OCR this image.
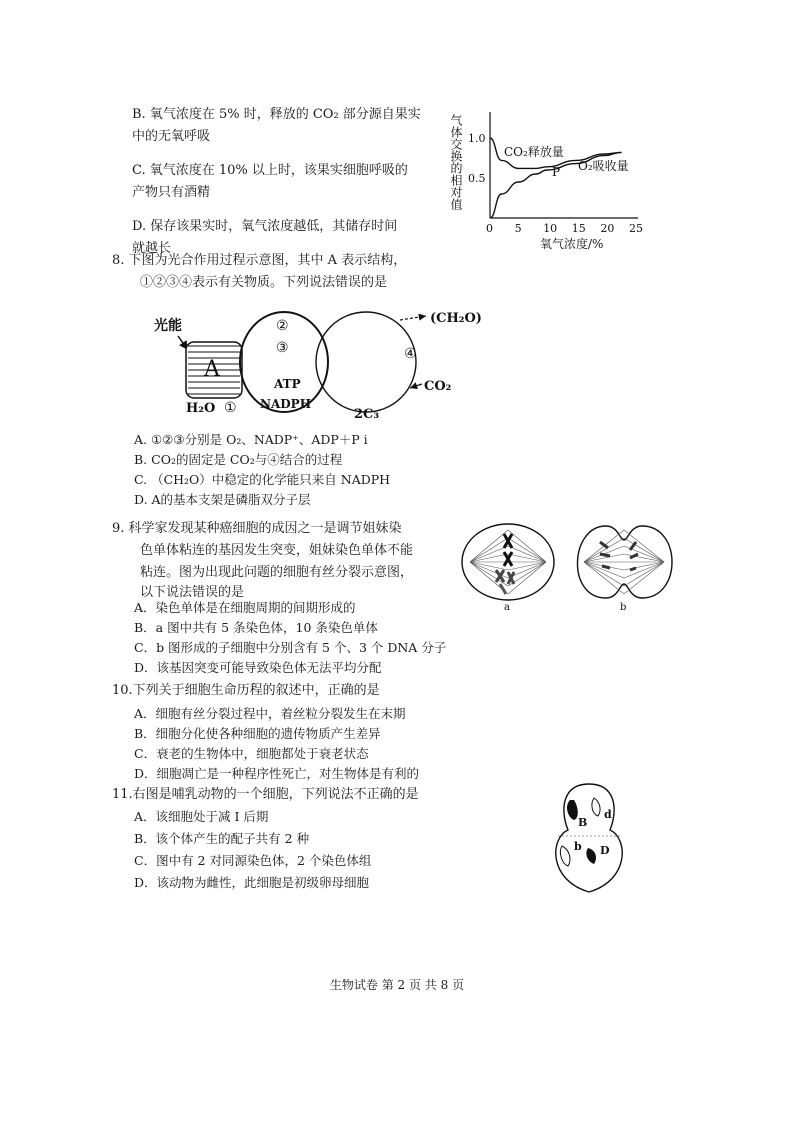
B. 氧气浓度在 5% 时，释放的 CO₂ 部分源自果实
中的无氧呼吸
C. 氧气浓度在 10% 以上时，该果实细胞呼吸的
产物只有酒精
D. 保存该果实时，氧气浓度越低，其储存时间
就越长
气体交换的相对值 1.0
0.5
0 5 10 15 20 25
CO₂释放量
O₂吸收量
P
氧气浓度/%
8. 下图为光合作用过程示意图，其中 A 表示结构，
①②③④表示有关物质。下列说法错误的是
光能
A
②
③	④
ATP
NADPH
H₂O ①
(CH₂O)
CO₂
2C₃
A. ①②③分别是 O₂、NADP⁺、ADP＋P i
B. CO₂的固定是 CO₂与④结合的过程
C. （CH₂O）中稳定的化学能只来自 NADPH
D. A的基本支架是磷脂双分子层
9. 科学家发现某种癌细胞的成因之一是调节姐妹染
色单体粘连的基因发生突变，姐妹染色单体不能
粘连。图为出现此问题的细胞有丝分裂示意图，
以下说法错误的是
A．染色单体是在细胞周期的间期形成的
B．a 图中共有 5 条染色体，10 条染色单体
C．b 图形成的子细胞中分别含有 5 个、3 个 DNA 分子
D．该基因突变可能导致染色体无法平均分配
a	b
10.下列关于细胞生命历程的叙述中，正确的是
A．细胞有丝分裂过程中，着丝粒分裂发生在末期
B．细胞分化使各种细胞的遗传物质产生差异
C．衰老的生物体中，细胞都处于衰老状态
D．细胞凋亡是一种程序性死亡，对生物体是有利的
11.右图是哺乳动物的一个细胞，下列说法不正确的是
A．该细胞处于减 I 后期
B．该个体产生的配子共有 2 种
C．图中有 2 对同源染色体，2 个染色体组
D．该动物为雌性，此细胞是初级卵母细胞
B
d
b D
生物试卷 第 2 页 共 8 页
